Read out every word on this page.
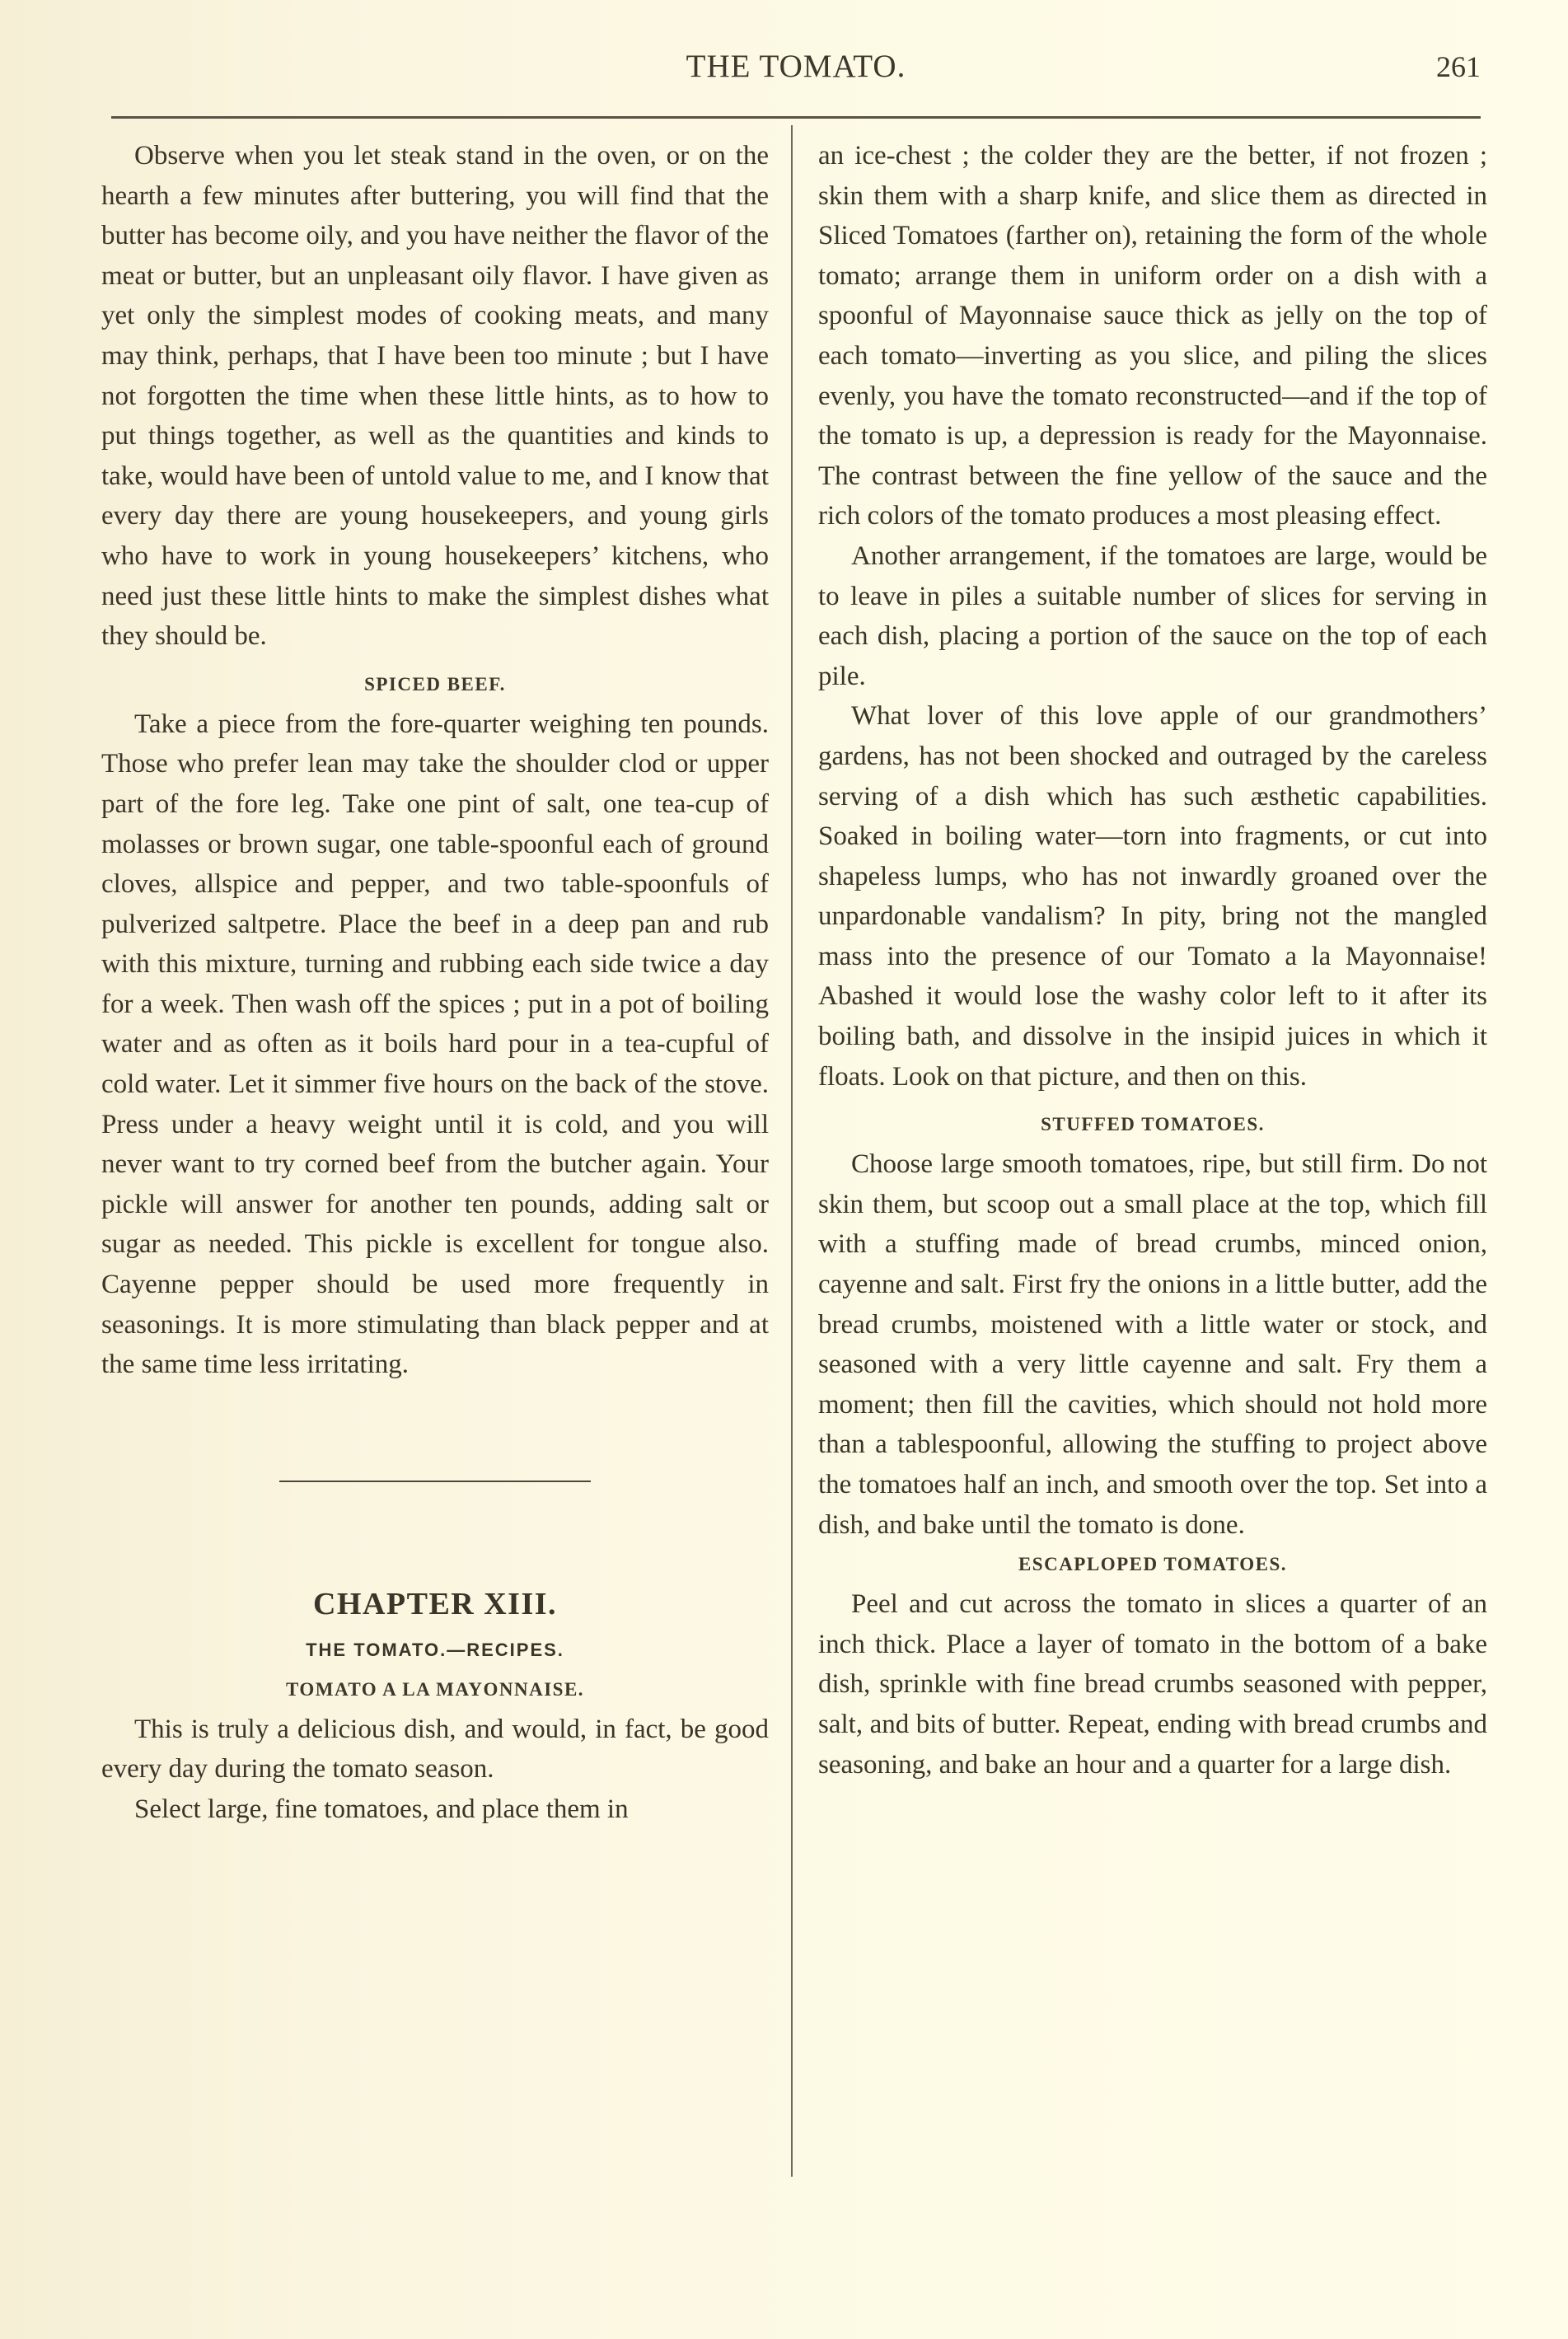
THE TOMATO.	261

Observe when you let steak stand in the oven, or on the hearth a few minutes after buttering, you will find that the butter has become oily, and you have neither the flavor of the meat or butter, but an unpleasant oily flavor. I have given as yet only the simplest modes of cooking meats, and many may think, perhaps, that I have been too minute ; but I have not forgotten the time when these little hints, as to how to put things together, as well as the quantities and kinds to take, would have been of untold value to me, and I know that every day there are young housekeepers, and young girls who have to work in young housekeepers’ kitchens, who need just these little hints to make the simplest dishes what they should be.

SPICED BEEF.

Take a piece from the fore-quarter weighing ten pounds. Those who prefer lean may take the shoulder clod or upper part of the fore leg. Take one pint of salt, one tea-cup of molasses or brown sugar, one table-spoonful each of ground cloves, allspice and pepper, and two table-spoonfuls of pulverized saltpetre. Place the beef in a deep pan and rub with this mixture, turning and rubbing each side twice a day for a week. Then wash off the spices ; put in a pot of boiling water and as often as it boils hard pour in a tea-cupful of cold water. Let it simmer five hours on the back of the stove. Press under a heavy weight until it is cold, and you will never want to try corned beef from the butcher again. Your pickle will answer for another ten pounds, adding salt or sugar as needed. This pickle is excellent for tongue also. Cayenne pepper should be used more frequently in seasonings. It is more stimulating than black pepper and at the same time less irritating.

CHAPTER XIII.
THE TOMATO.—RECIPES.
TOMATO A LA MAYONNAISE.

This is truly a delicious dish, and would, in fact, be good every day during the tomato season.

Select large, fine tomatoes, and place them in

an ice-chest ; the colder they are the better, if not frozen ; skin them with a sharp knife, and slice them as directed in Sliced Tomatoes (farther on), retaining the form of the whole tomato; arrange them in uniform order on a dish with a spoonful of Mayonnaise sauce thick as jelly on the top of each tomato—inverting as you slice, and piling the slices evenly, you have the tomato reconstructed—and if the top of the tomato is up, a depression is ready for the Mayonnaise. The contrast between the fine yellow of the sauce and the rich colors of the tomato produces a most pleasing effect.

Another arrangement, if the tomatoes are large, would be to leave in piles a suitable number of slices for serving in each dish, placing a portion of the sauce on the top of each pile.

What lover of this love apple of our grandmothers’ gardens, has not been shocked and outraged by the careless serving of a dish which has such æsthetic capabilities. Soaked in boiling water—torn into fragments, or cut into shapeless lumps, who has not inwardly groaned over the unpardonable vandalism? In pity, bring not the mangled mass into the presence of our Tomato a la Mayonnaise! Abashed it would lose the washy color left to it after its boiling bath, and dissolve in the insipid juices in which it floats. Look on that picture, and then on this.

STUFFED TOMATOES.

Choose large smooth tomatoes, ripe, but still firm. Do not skin them, but scoop out a small place at the top, which fill with a stuffing made of bread crumbs, minced onion, cayenne and salt. First fry the onions in a little butter, add the bread crumbs, moistened with a little water or stock, and seasoned with a very little cayenne and salt. Fry them a moment; then fill the cavities, which should not hold more than a tablespoonful, allowing the stuffing to project above the tomatoes half an inch, and smooth over the top. Set into a dish, and bake until the tomato is done.

ESCAPLOPED TOMATOES.

Peel and cut across the tomato in slices a quarter of an inch thick. Place a layer of tomato in the bottom of a bake dish, sprinkle with fine bread crumbs seasoned with pepper, salt, and bits of butter. Repeat, ending with bread crumbs and seasoning, and bake an hour and a quarter for a large dish.
